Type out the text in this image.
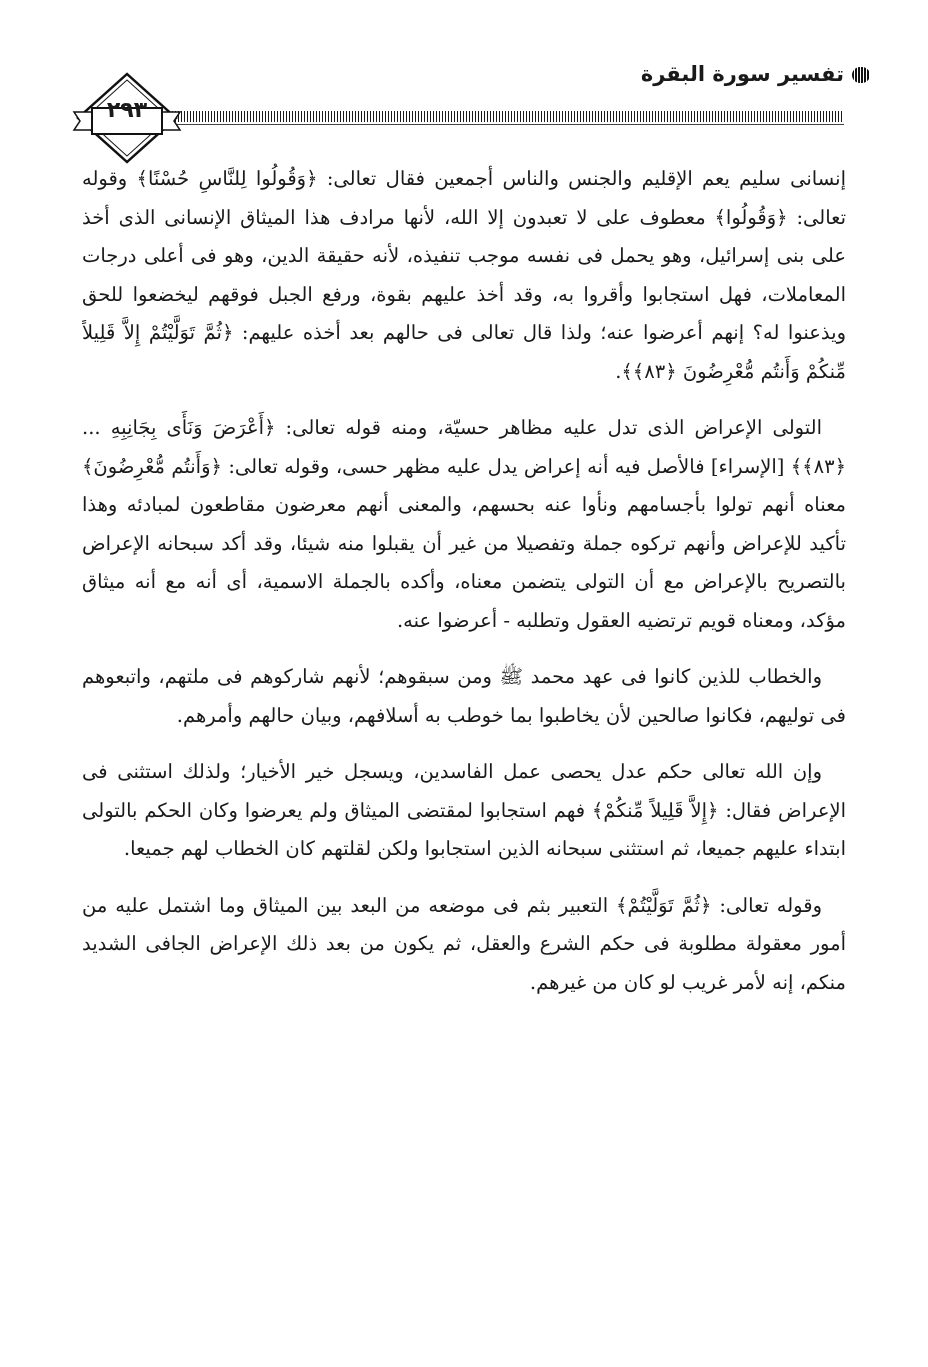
تفسير سورة البقرة
٢٩٣

إنسانى سليم يعم الإقليم والجنس والناس أجمعين فقال تعالى: ﴿وَقُولُوا لِلنَّاسِ حُسْنًا﴾ وقوله تعالى: ﴿وَقُولُوا﴾ معطوف على لا تعبدون إلا الله، لأنها مرادف هذا الميثاق الإنسانى الذى أخذ على بنى إسرائيل، وهو يحمل فى نفسه موجب تنفيذه، لأنه حقيقة الدين، وهو فى أعلى درجات المعاملات، فهل استجابوا وأقروا به، وقد أخذ عليهم بقوة، ورفع الجبل فوقهم ليخضعوا للحق ويذعنوا له؟ إنهم أعرضوا عنه؛ ولذا قال تعالى فى حالهم بعد أخذه عليهم: ﴿ثُمَّ تَوَلَّيْتُمْ إِلاَّ قَلِيلاً مِّنكُمْ وَأَنتُم مُّعْرِضُونَ ﴿٨٣﴾﴾.

التولى الإعراض الذى تدل عليه مظاهر حسيّة، ومنه قوله تعالى: ﴿أَعْرَضَ وَنَأَى بِجَانِبِهِ ... ﴿٨٣﴾﴾ [الإسراء] فالأصل فيه أنه إعراض يدل عليه مظهر حسى، وقوله تعالى: ﴿وَأَنتُم مُّعْرِضُونَ﴾ معناه أنهم تولوا بأجسامهم ونأوا عنه بحسهم، والمعنى أنهم معرضون مقاطعون لمبادئه وهذا تأكيد للإعراض وأنهم تركوه جملة وتفصيلا من غير أن يقبلوا منه شيئا، وقد أكد سبحانه الإعراض بالتصريح بالإعراض مع أن التولى يتضمن معناه، وأكده بالجملة الاسمية، أى أنه مع أنه ميثاق مؤكد، ومعناه قويم ترتضيه العقول وتطلبه - أعرضوا عنه.

والخطاب للذين كانوا فى عهد محمد ﷺ ومن سبقوهم؛ لأنهم شاركوهم فى ملتهم، واتبعوهم فى توليهم، فكانوا صالحين لأن يخاطبوا بما خوطب به أسلافهم، وبيان حالهم وأمرهم.

وإن الله تعالى حكم عدل يحصى عمل الفاسدين، ويسجل خير الأخيار؛ ولذلك استثنى فى الإعراض فقال: ﴿إِلاَّ قَلِيلاً مِّنكُمْ﴾ فهم استجابوا لمقتضى الميثاق ولم يعرضوا وكان الحكم بالتولى ابتداء عليهم جميعا، ثم استثنى سبحانه الذين استجابوا ولكن لقلتهم كان الخطاب لهم جميعا.

وقوله تعالى: ﴿ثُمَّ تَوَلَّيْتُمْ﴾ التعبير بثم فى موضعه من البعد بين الميثاق وما اشتمل عليه من أمور معقولة مطلوبة فى حكم الشرع والعقل، ثم يكون من بعد ذلك الإعراض الجافى الشديد منكم، إنه لأمر غريب لو كان من غيرهم.
